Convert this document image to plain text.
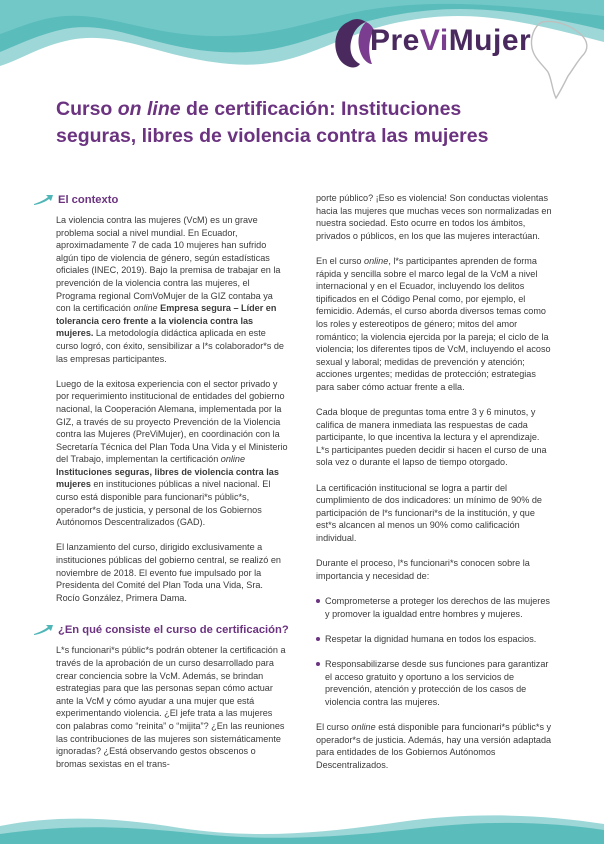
PreViMujer
Curso on line de certificación: Instituciones seguras, libres de violencia contra las mujeres
El contexto

La violencia contra las mujeres (VcM) es un grave problema social a nivel mundial. En Ecuador, aproximadamente 7 de cada 10 mujeres han sufrido algún tipo de violencia de género, según estadísticas oficiales (INEC, 2019). Bajo la premisa de trabajar en la prevención de la violencia contra las mujeres, el Programa regional ComVoMujer de la GIZ contaba ya con la certificación online Empresa segura – Líder en tolerancia cero frente a la violencia contra las mujeres. La metodología didáctica aplicada en este curso logró, con éxito, sensibilizar a l*s colaborador*s de las empresas participantes.

Luego de la exitosa experiencia con el sector privado y por requerimiento institucional de entidades del gobierno nacional, la Cooperación Alemana, implementada por la GIZ, a través de su proyecto Prevención de la Violencia contra las Mujeres (PreViMujer), en coordinación con la Secretaría Técnica del Plan Toda Una Vida y el Ministerio del Trabajo, implementan la certificación online Instituciones seguras, libres de violencia contra las mujeres en instituciones públicas a nivel nacional. El curso está disponible para funcionari*s públic*s, operador*s de justicia, y personal de los Gobiernos Autónomos Descentralizados (GAD).

El lanzamiento del curso, dirigido exclusivamente a instituciones públicas del gobierno central, se realizó en noviembre de 2018. El evento fue impulsado por la Presidenta del Comité del Plan Toda una Vida, Sra. Rocío González, Primera Dama.

¿En qué consiste el curso de certificación?

L*s funcionari*s públic*s podrán obtener la certificación a través de la aprobación de un curso desarrollado para crear conciencia sobre la VcM. Además, se brindan estrategias para que las personas sepan cómo actuar ante la VcM y cómo ayudar a una mujer que está experimentando violencia. ¿El jefe trata a las mujeres con palabras como “reinita” o “mijita”? ¿En las reuniones las contribuciones de las mujeres son sistemáticamente ignoradas? ¿Está observando gestos obscenos o bromas sexistas en el trans-

porte público? ¡Eso es violencia! Son conductas violentas hacia las mujeres que muchas veces son normalizadas en nuestra sociedad. Esto ocurre en todos los ámbitos, privados o públicos, en los que las mujeres interactúan.

En el curso online, l*s participantes aprenden de forma rápida y sencilla sobre el marco legal de la VcM a nivel internacional y en el Ecuador, incluyendo los delitos tipificados en el Código Penal como, por ejemplo, el femicidio. Además, el curso aborda diversos temas como los roles y estereotipos de género; mitos del amor romántico; la violencia ejercida por la pareja; el ciclo de la violencia; los diferentes tipos de VcM, incluyendo el acoso sexual y laboral; medidas de prevención y atención; acciones urgentes; medidas de protección; estrategias para saber cómo actuar frente a ella.

Cada bloque de preguntas toma entre 3 y 6 minutos, y califica de manera inmediata las respuestas de cada participante, lo que incentiva la lectura y el aprendizaje. L*s participantes pueden decidir si hacen el curso de una sola vez o durante el lapso de tiempo otorgado.

La certificación institucional se logra a partir del cumplimiento de dos indicadores: un mínimo de 90% de participación de l*s funcionari*s de la institución, y que est*s alcancen al menos un 90% como calificación individual.

Durante el proceso, l*s funcionari*s conocen sobre la importancia y necesidad de:

Comprometerse a proteger los derechos de las mujeres y promover la igualdad entre hombres y mujeres.
Respetar la dignidad humana en todos los espacios.
Responsabilizarse desde sus funciones para garantizar el acceso gratuito y oportuno a los servicios de prevención, atención y protección de los casos de violencia contra las mujeres.

El curso online está disponible para funcionari*s públic*s y operador*s de justicia. Además, hay una versión adaptada para entidades de los Gobiernos Autónomos Descentralizados.
